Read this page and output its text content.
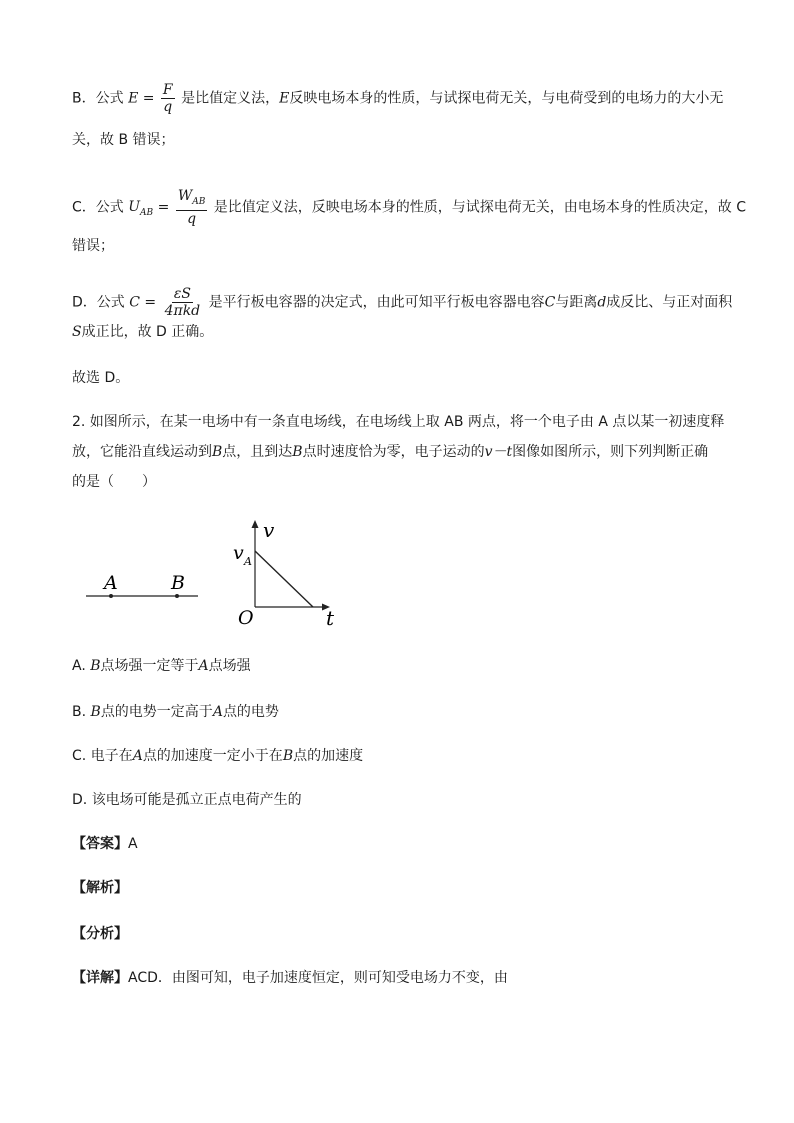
B．公式 $E = \frac{F}{q}$ 是比值定义法，E反映电场本身的性质，与试探电荷无关，与电荷受到的电场力的大小无
关，故 B 错误；
C．公式 $U_{AB} = \frac{W_{AB}}{q}$ 是比值定义法，反映电场本身的性质，与试探电荷无关，由电场本身的性质决定，故 C
错误；
D．公式 $C = \frac{\varepsilon S}{\text{4πkd}}$ 是平行板电容器的决定式，由此可知平行板电容器电容C与距离d成反比、与正对面积
S成正比，故 D 正确。
故选 D。
2. 如图所示，在某一电场中有一条直电场线，在电场线上取 AB 两点，将一个电子由 A 点以某一初速度释
放，它能沿直线运动到B点，且到达B点时速度恰为零，电子运动的v－t图像如图所示，则下列判断正确
的是（　　）
A	B
v
t
O
v A
A. B点场强一定等于A点场强
B. B点的电势一定高于A点的电势
C. 电子在A点的加速度一定小于在B点的加速度
D. 该电场可能是孤立正点电荷产生的
【答案】A
【解析】
【分析】
【详解】ACD．由图可知，电子加速度恒定，则可知受电场力不变，由
